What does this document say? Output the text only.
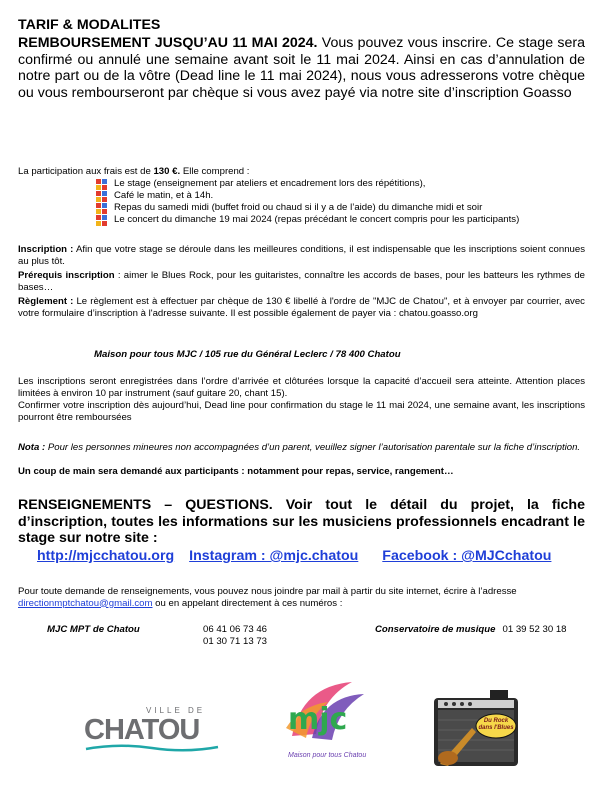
TARIF & MODALITES
REMBOURSEMENT JUSQU’AU 11 MAI 2024. Vous pouvez vous inscrire. Ce stage sera confirmé ou annulé une semaine avant soit le 11 mai 2024. Ainsi en cas d’annulation de notre part ou de la vôtre (Dead line le 11 mai 2024), nous vous adresserons votre chèque ou vous rembourseront par chèque si vous avez payé via notre site d’inscription Goasso
La participation aux frais est de 130 €. Elle comprend :
Le stage (enseignement par ateliers et encadrement lors des répétitions),
Café le matin, et à 14h.
Repas du samedi midi (buffet froid ou chaud si il y a de l’aide) du dimanche midi et soir
Le concert du dimanche 19 mai 2024 (repas précédant le concert compris pour les participants)
Inscription : Afin que votre stage se déroule dans les meilleures conditions, il est indispensable que les inscriptions soient connues au plus tôt.
Prérequis inscription : aimer le Blues Rock, pour les guitaristes, connaître les accords de bases, pour les batteurs les rythmes de bases…
Règlement : Le règlement est à effectuer par chèque de 130 € libellé à l'ordre de "MJC de Chatou", et à envoyer par courrier, avec votre formulaire d’inscription à l'adresse suivante. Il est possible également de payer via : chatou.goasso.org
Maison pour tous MJC / 105 rue du Général Leclerc / 78 400 Chatou
Les inscriptions seront enregistrées dans l’ordre d’arrivée et clôturées lorsque la capacité d’accueil sera atteinte. Attention places limitées à environ 10 par instrument (sauf guitare 20, chant 15).
Confirmer votre inscription dès aujourd’hui, Dead line pour confirmation du stage le 11 mai 2024, une semaine avant, les inscriptions pourront être remboursées
Nota : Pour les personnes mineures non accompagnées d’un parent, veuillez signer l’autorisation parentale sur la fiche d’inscription.
Un coup de main sera demandé aux participants : notamment pour repas, service, rangement…
RENSEIGNEMENTS – QUESTIONS. Voir tout le détail du projet, la fiche d’inscription, toutes les informations sur les musiciens professionnels encadrant le stage sur notre site :
http://mjcchatou.org Instagram : @mjc.chatou Facebook : @MJCchatou
Pour toute demande de renseignements, vous pouvez nous joindre par mail à partir du site internet, écrire à l’adresse directionmptchatou@gmail.com ou en appelant directement à ces numéros :
MJC MPT de Chatou	06 41 06 73 46
01 30 71 13 73
Conservatoire de musique 01 39 52 30 18
VILLE DE
CHATOU	mjc
Maison pour tous Chatou
Du Rock dans l'Blues
